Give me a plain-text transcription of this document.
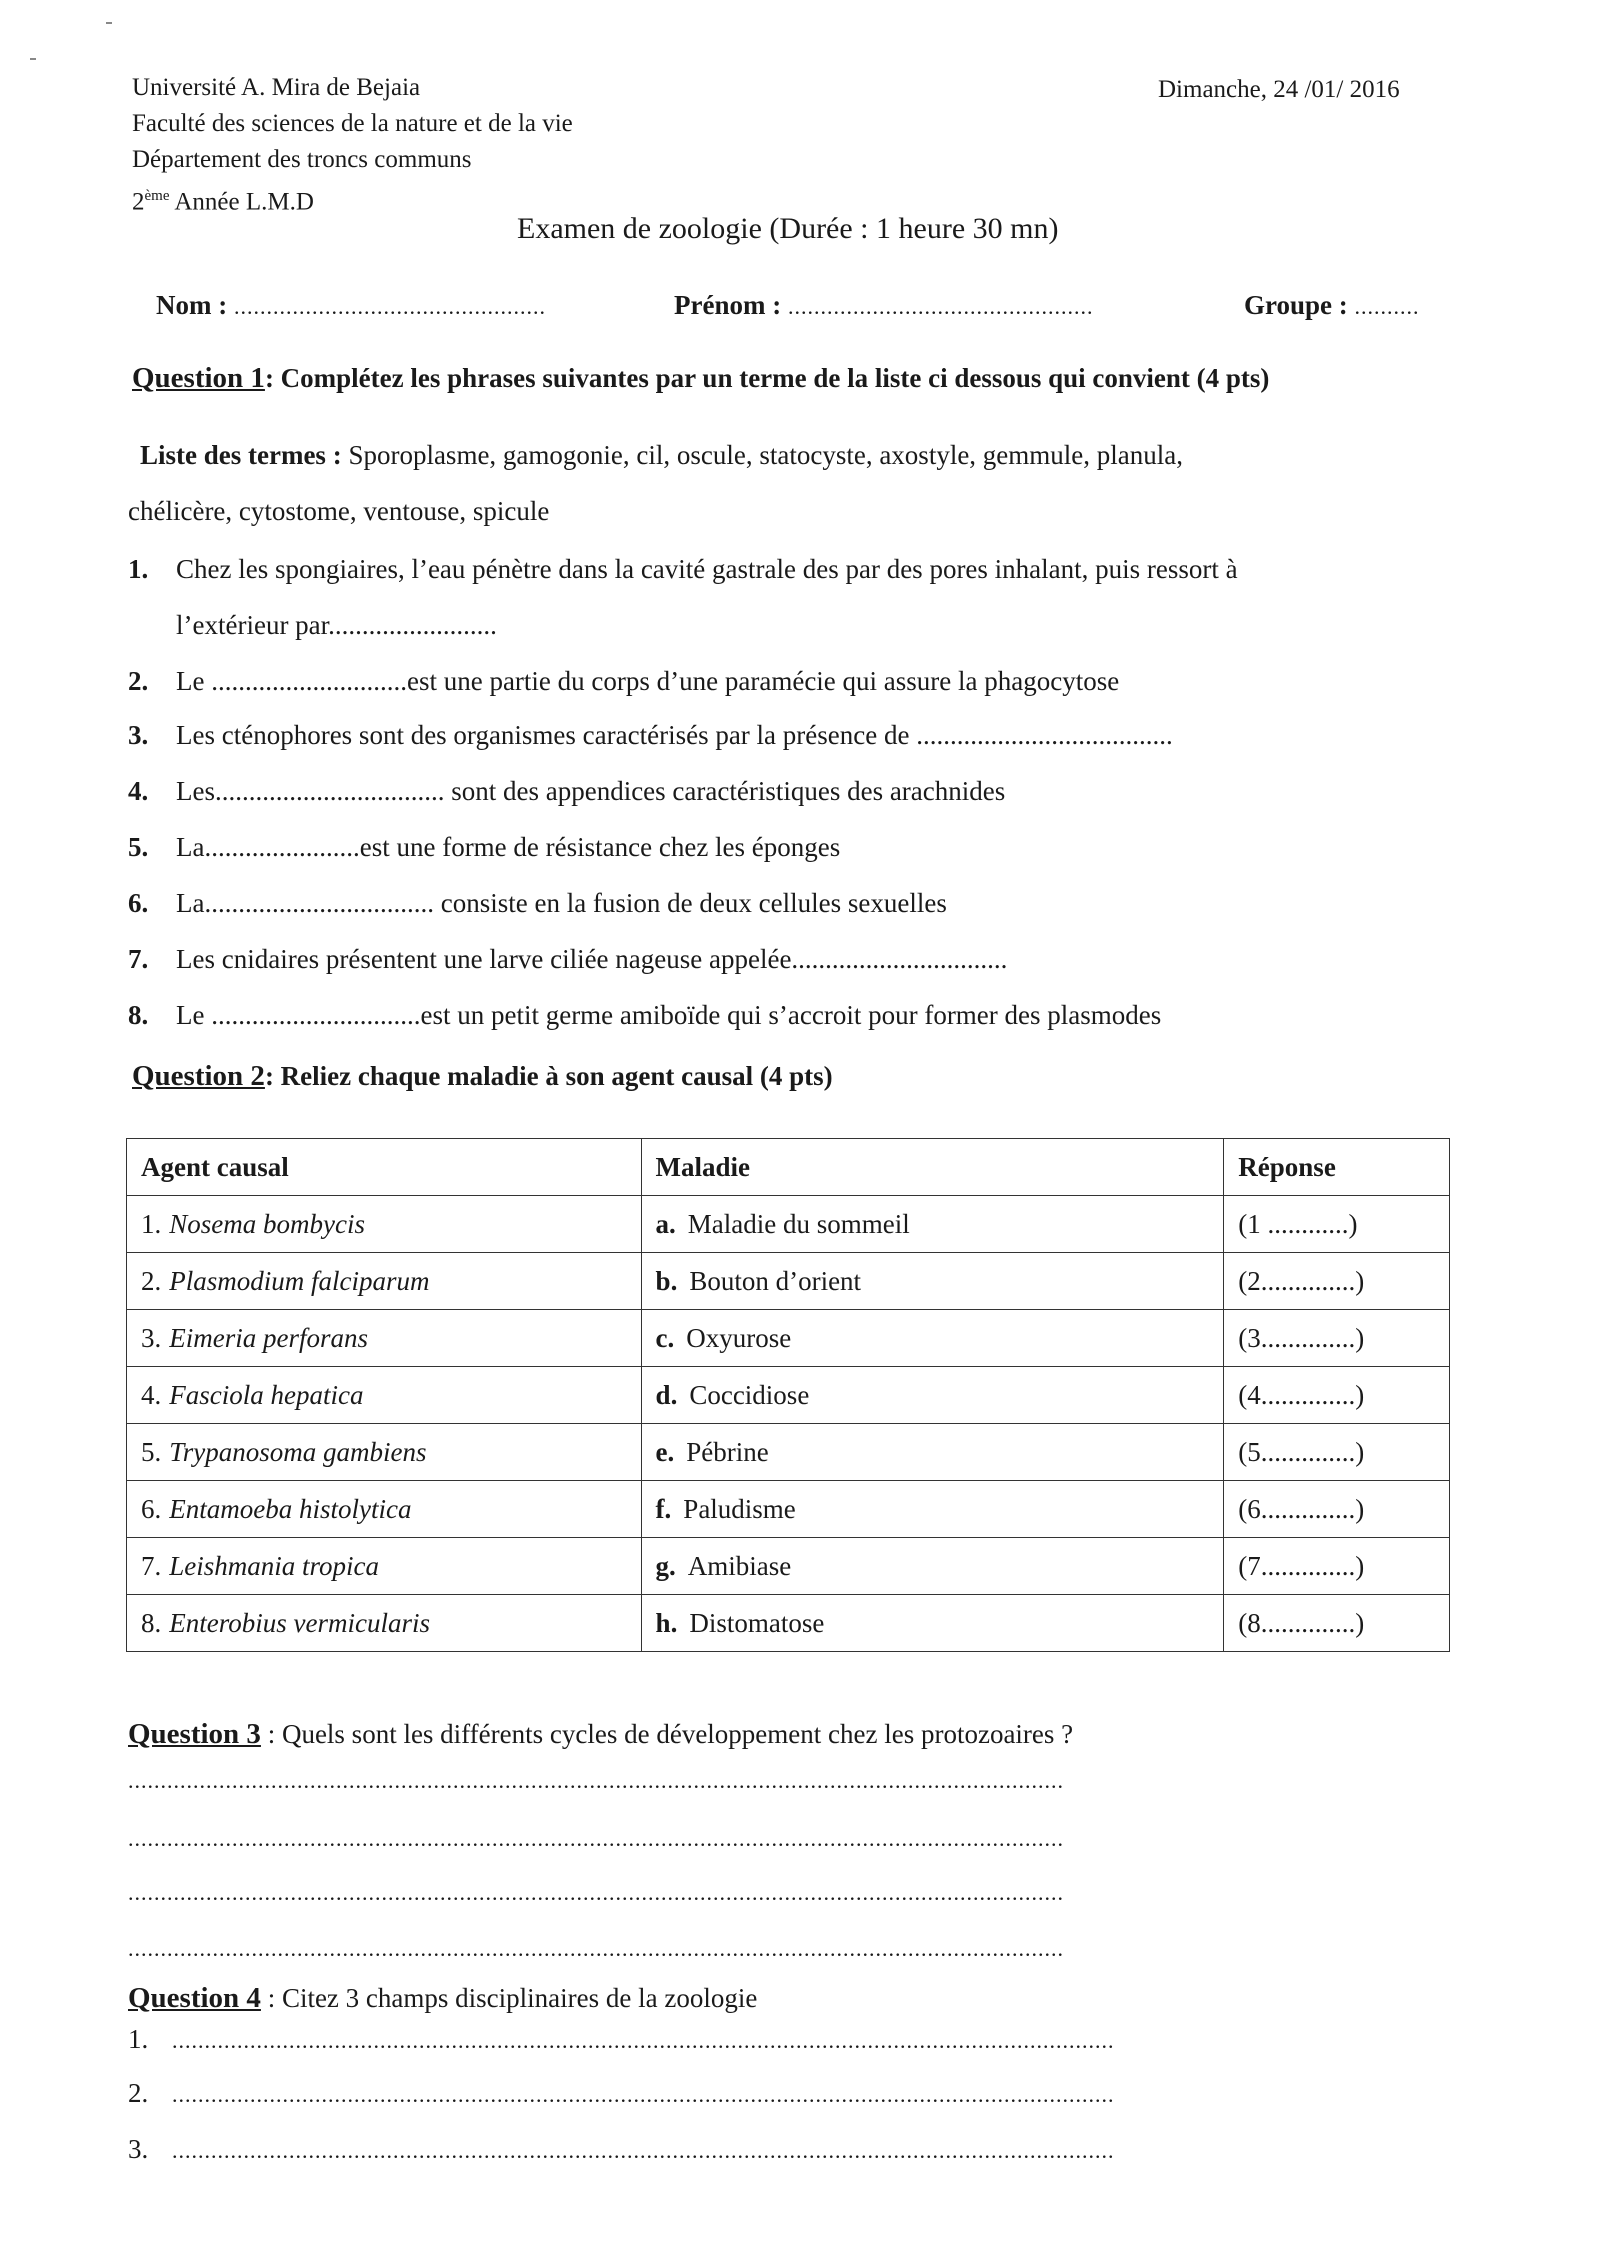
Université A. Mira de Bejaia
Faculté des sciences de la nature et de la vie
Département des troncs communs
2ème Année L.M.D
Dimanche, 24 /01/ 2016
Examen de zoologie (Durée : 1 heure 30 mn)
Nom : ................................................	Prénom : ...............................................	Groupe : ..........
Question 1: Complétez les phrases suivantes par un terme de la liste ci dessous qui convient (4 pts)
Liste des termes : Sporoplasme, gamogonie, cil, oscule, statocyste, axostyle, gemmule, planula,
chélicère, cytostome, ventouse, spicule
1. Chez les spongiaires, l’eau pénètre dans la cavité gastrale des par des pores inhalant, puis ressort à
l’extérieur par.........................
2. Le .............................est une partie du corps d’une paramécie qui assure la phagocytose
3. Les cténophores sont des organismes caractérisés par la présence de ......................................
4. Les.................................. sont des appendices caractéristiques des arachnides
5. La.......................est une forme de résistance chez les éponges
6. La.................................. consiste en la fusion de deux cellules sexuelles
7. Les cnidaires présentent une larve ciliée nageuse appelée................................
8. Le ...............................est un petit germe amiboïde qui s’accroit pour former des plasmodes
Question 2: Reliez chaque maladie à son agent causal (4 pts)
Agent causal	Maladie	Réponse
1. Nosema bombycis	a. Maladie du sommeil	(1 ............)
2. Plasmodium falciparum	b. Bouton d’orient	(2..............)
3. Eimeria perforans	c. Oxyurose	(3..............)
4. Fasciola hepatica	d. Coccidiose	(4..............)
5. Trypanosoma gambiens	e. Pébrine	(5..............)
6. Entamoeba histolytica	f. Paludisme	(6..............)
7. Leishmania tropica	g. Amibiase	(7..............)
8. Enterobius vermicularis	h. Distomatose	(8..............)
Question 3 : Quels sont les différents cycles de développement chez les protozoaires ?
................................................................................................................................................
................................................................................................................................................
................................................................................................................................................
................................................................................................................................................
Question 4 : Citez 3 champs disciplinaires de la zoologie
1. .................................................................................................................................................
2. .................................................................................................................................................
3. .................................................................................................................................................
